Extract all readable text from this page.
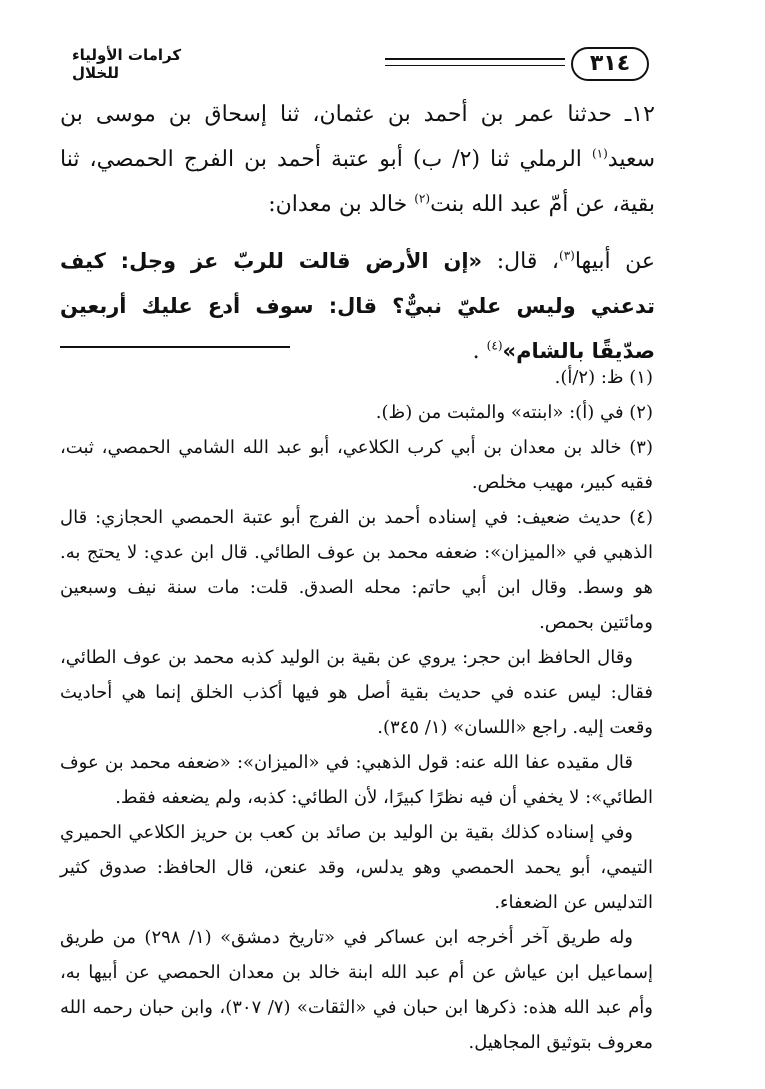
٣١٤
كرامات الأولياء للخلال

١٢ـ حدثنا عمر بن أحمد بن عثمان، ثنا إسحاق بن موسى بن سعيد$^{(١)}$ الرملي ثنا (٢/ ب) أبو عتبة أحمد بن الفرج الحمصي، ثنا بقية، عن أمّ عبد الله بنت$^{(٢)}$ خالد بن معدان:

عن أبيها$^{(٣)}$، قال: «إن الأرض قالت للربّ عز وجل: كيف تدعني وليس عليّ نبيٌّ؟ قال: سوف أدع عليك أربعين صدّيقًا بالشام»$^{(٤)}$ .

(١) ظ: (٢/أ).

(٢) في (أ): «ابنته» والمثبت من (ظ).

(٣) خالد بن معدان بن أبي كرب الكلاعي، أبو عبد الله الشامي الحمصي، ثبت، فقيه كبير، مهيب مخلص.

(٤) حديث ضعيف: في إسناده أحمد بن الفرج أبو عتبة الحمصي الحجازي: قال الذهبي في «الميزان»: ضعفه محمد بن عوف الطائي. قال ابن عدي: لا يحتج به. هو وسط. وقال ابن أبي حاتم: محله الصدق. قلت: مات سنة نيف وسبعين ومائتين بحمص.

وقال الحافظ ابن حجر: يروي عن بقية بن الوليد كذبه محمد بن عوف الطائي، فقال: ليس عنده في حديث بقية أصل هو فيها أكذب الخلق إنما هي أحاديث وقعت إليه. راجع «اللسان» (١/ ٣٤٥).

قال مقيده عفا الله عنه: قول الذهبي: في «الميزان»: «ضعفه محمد بن عوف الطائي»: لا يخفي أن فيه نظرًا كبيرًا، لأن الطائي: كذبه، ولم يضعفه فقط.

وفي إسناده كذلك بقية بن الوليد بن صائد بن كعب بن حريز الكلاعي الحميري التيمي، أبو يحمد الحمصي وهو يدلس، وقد عنعن، قال الحافظ: صدوق كثير التدليس عن الضعفاء.

وله طريق آخر أخرجه ابن عساكر في «تاريخ دمشق» (١/ ٢٩٨) من طريق إسماعيل ابن عياش عن أم عبد الله ابنة خالد بن معدان الحمصي عن أبيها به، وأم عبد الله هذه: ذكرها ابن حبان في «الثقات» (٧/ ٣٠٧)، وابن حبان رحمه الله معروف بتوثيق المجاهيل.
